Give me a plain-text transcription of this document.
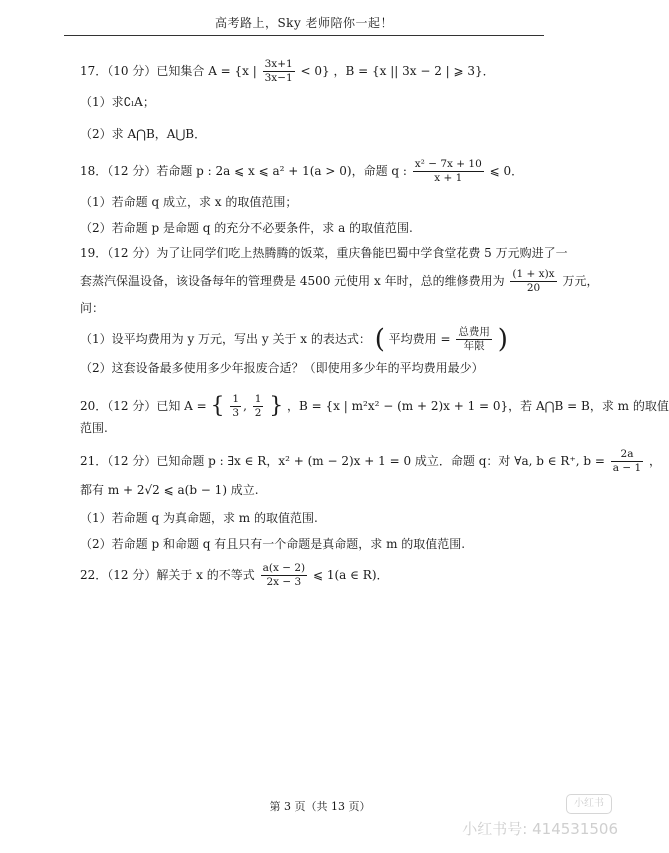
高考路上，Sky 老师陪你一起！
17．（10 分）已知集合 A = {x | $\frac{3x+1}{3x-1} < 0$} ，B = {x || 3x − 2 | ⩾ 3}．
（1）求∁ₗA；
（2）求 A⋂B，A⋃B．
18．（12 分）若命题 p : 2a ⩽ x ⩽ a² + 1(a > 0)，命题 q : $\frac{\text{x² − 7x + 10}}{x + 1}$ ⩽ 0．
（1）若命题 q 成立，求 x 的取值范围；
（2）若命题 p 是命题 q 的充分不必要条件，求 a 的取值范围.
19．（12 分）为了让同学们吃上热腾腾的饭菜，重庆鲁能巴蜀中学食堂花费 5 万元购进了一
套蒸汽保温设备，该设备每年的管理费是 4500 元使用 x 年时，总的维修费用为 $\frac{(1 + x)x}{20}$ 万元，
问：
（1）设平均费用为 y 万元，写出 y 关于 x 的表达式： ( 平均费用 = $\frac{\text{总费用}}{\text{年限}}$ )
（2）这套设备最多使用多少年报废合适？（即使用多少年的平均费用最少）
20．（12 分）已知 A = { $\frac{1}{3}$ , $\frac{1}{2}$ } ，B = {x | m²x² − (m + 2)x + 1 = 0}，若 A⋂B = B，求 m 的取值
范围.
21．（12 分）已知命题 p : ∃x ∈ R，x² + (m − 2)x + 1 = 0 成立．命题 q：对 ∀a, b ∈ R⁺, $b = \frac{2a}{a - 1}$ ，
都有 m + 2√2 ⩽ a(b − 1) 成立.
（1）若命题 q 为真命题，求 m 的取值范围.
（2）若命题 p 和命题 q 有且只有一个命题是真命题，求 m 的取值范围.
22．（12 分）解关于 x 的不等式 $\frac{a(x - 2)}{2x - 3}$ ⩽ 1(a ∈ R)．
第 3 页（共 13 页）	小红书
小红书号: 414531506
